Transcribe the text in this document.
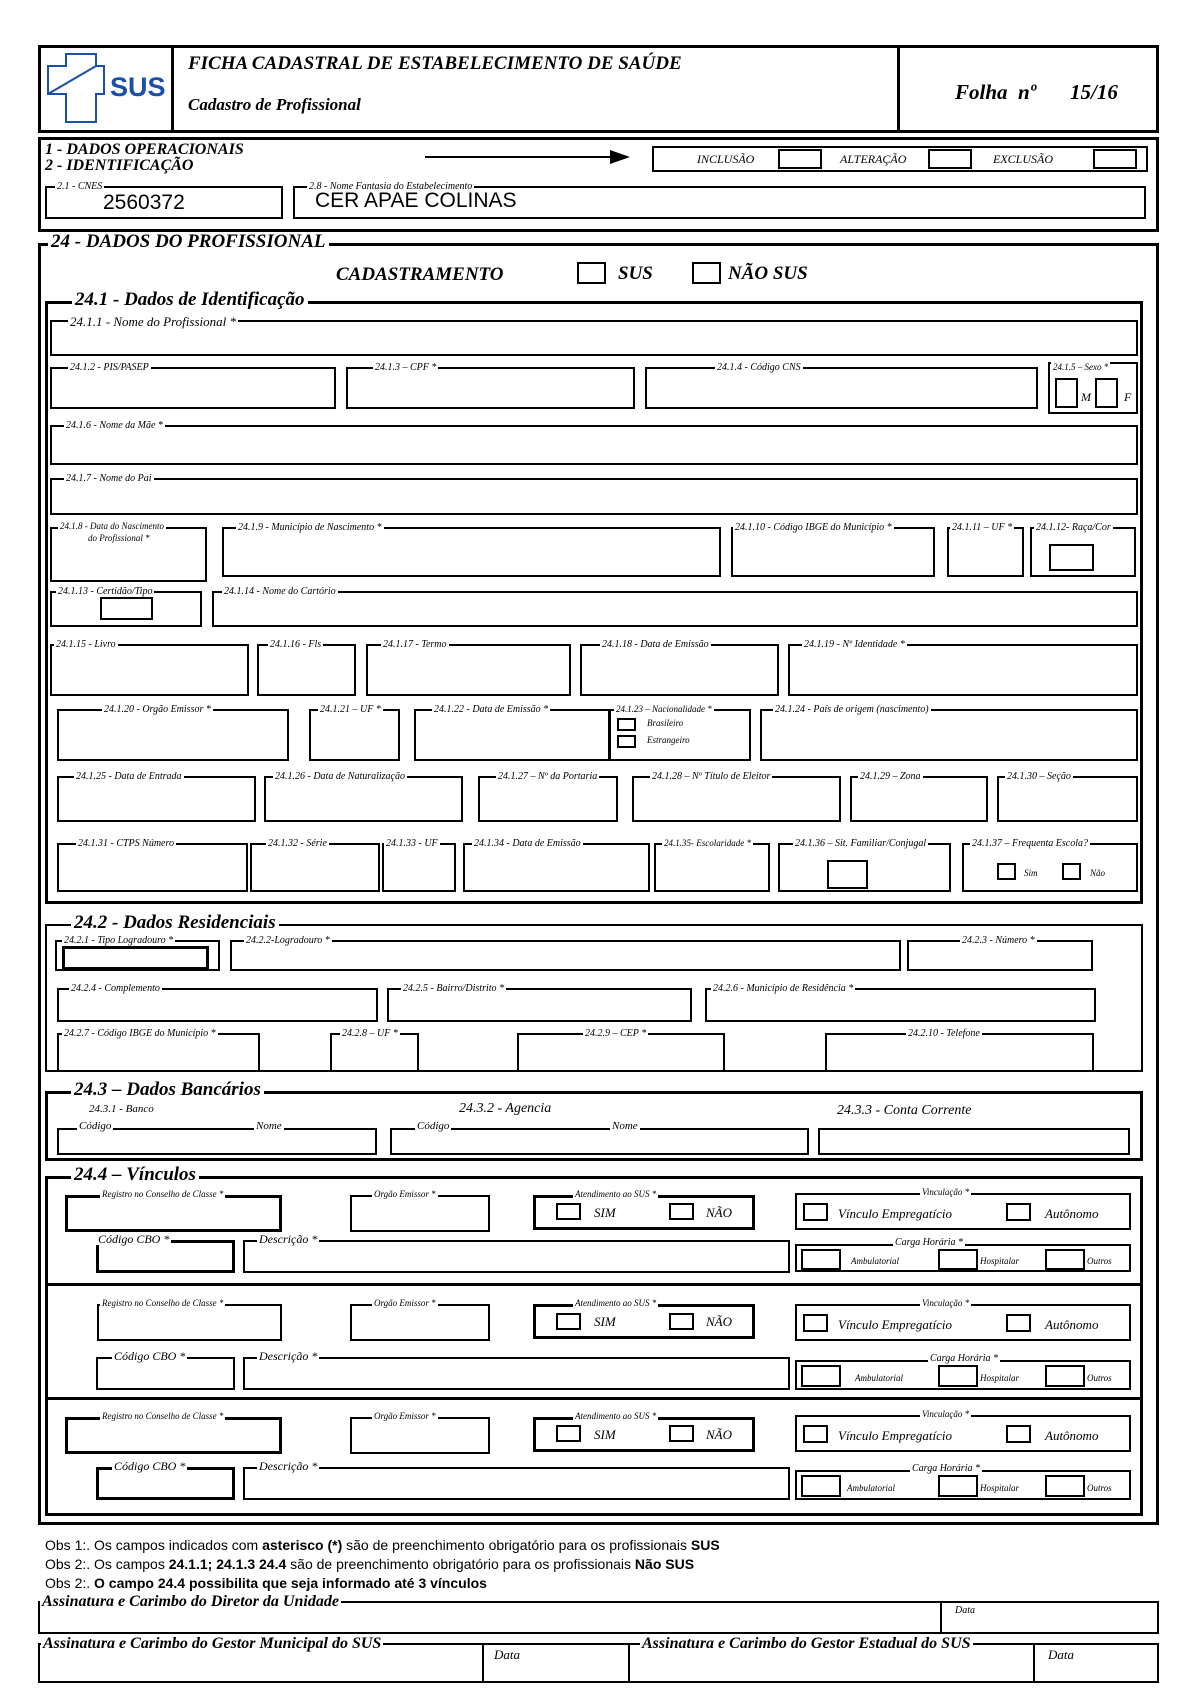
SUS
FICHA CADASTRAL DE ESTABELECIMENTO DE SAÚDE
Cadastro de Profissional
Folha  nº 15/16
1 - DADOS OPERACIONAIS
2 - IDENTIFICAÇÃO	INCLUSÃO	ALTERAÇÃO	EXCLUSÃO
2.1 - CNES
2560372
2.8 - Nome Fantasia do Estabelecimento
CER APAE COLINAS
24 - DADOS DO PROFISSIONAL
CADASTRAMENTO	SUS	NÃO SUS
24.1 - Dados de Identificação
24.1.1 - Nome do Profissional *
24.1.2 - PIS/PASEP	24.1.3 – CPF *	24.1.4 - Código CNS	24.1.5 – Sexo *
M	F
24.1.6 - Nome da Mãe *
24.1.7 - Nome do Pai
24.1.8 - Data do Nascimento
do Profissional *
24.1.9 - Município de Nascimento *	24.1.10 - Código IBGE do Município *	24.1.11 – UF * 24.1.12- Raça/Cor
24.1.13 - Certidão/Tipo	24.1.14 - Nome do Cartório
24.1.15 - Livro	24.1.16 - Fls	24.1.17 - Termo	24.1.18 - Data de Emissão	24.1.19 - Nº Identidade *
24.1.20 - Orgão Emissor *	24.1.21 – UF *	24.1.22 - Data de Emissão *	24.1.23 – Nacionalidade *
Brasileiro
Estrangeiro
24.1.24 - País de origem (nascimento)
24.1.25 - Data de Entrada	24.1.26 - Data de Naturalização	24.1.27 – Nº da Portaria	24.1.28 – Nº Título de Eleitor	24.1.29 – Zona	24.1.30 – Seção
24.1.31 - CTPS Número	24.1.32 - Série	24.1.33 - UF	24.1.34 - Data de Emissão	24.1.35- Escolaridade *	24.1.36 – Sit. Familiar/Conjugal	24.1.37 – Frequenta Escola?
Sim	Não
24.2 - Dados Residenciais
24.2.1 - Tipo Logradouro *	24.2.2-Logradouro *	24.2.3 - Número *
24.2.4 - Complemento	24.2.5 - Bairro/Distrito *	24.2.6 - Município de Residência *
24.2.7 - Código IBGE do Município *	24.2.8 – UF *	24.2.9 – CEP *	24.2.10 - Telefone
24.3 – Dados Bancários
24.3.1 - Banco
Código	Nome
24.3.2 - Agencia
Código	Nome
24.3.3 - Conta Corrente
24.4 – Vínculos
Registro no Conselho de Classe *	Orgão Emissor *	Atendimento ao SUS *
SIM	NÃO
Vinculação *
Vínculo Empregatício	Autônomo
Código CBO *	Descrição *	Carga Horária *
Ambulatorial	Hospitalar	Outros
Registro no Conselho de Classe *	Orgão Emissor *	Atendimento ao SUS *
SIM	NÃO
Vinculação *
Vínculo Empregatício	Autônomo
Código CBO *	Descrição *	Carga Horária *
Ambulatorial	Hospitalar	Outros
Registro no Conselho de Classe *	Orgão Emissor *	Atendimento ao SUS *
SIM	NÃO
Vinculação *
Vínculo Empregatício	Autônomo
Código CBO *	Descrição *	Carga Horária *
Ambulatorial	Hospitalar	Outros
Obs 1:. Os campos indicados com asterisco (*) são de preenchimento obrigatório para os profissionais SUS
Obs 2:. Os campos 24.1.1; 24.1.3 24.4 são de preenchimento obrigatório para os profissionais Não SUS
Obs 2:. O campo 24.4 possibilita que seja informado até 3 vínculos
Assinatura e Carimbo do Diretor da Unidade
Data
Assinatura e Carimbo do Gestor Municipal do SUS
Data
Assinatura e Carimbo do Gestor Estadual do SUS
Data
